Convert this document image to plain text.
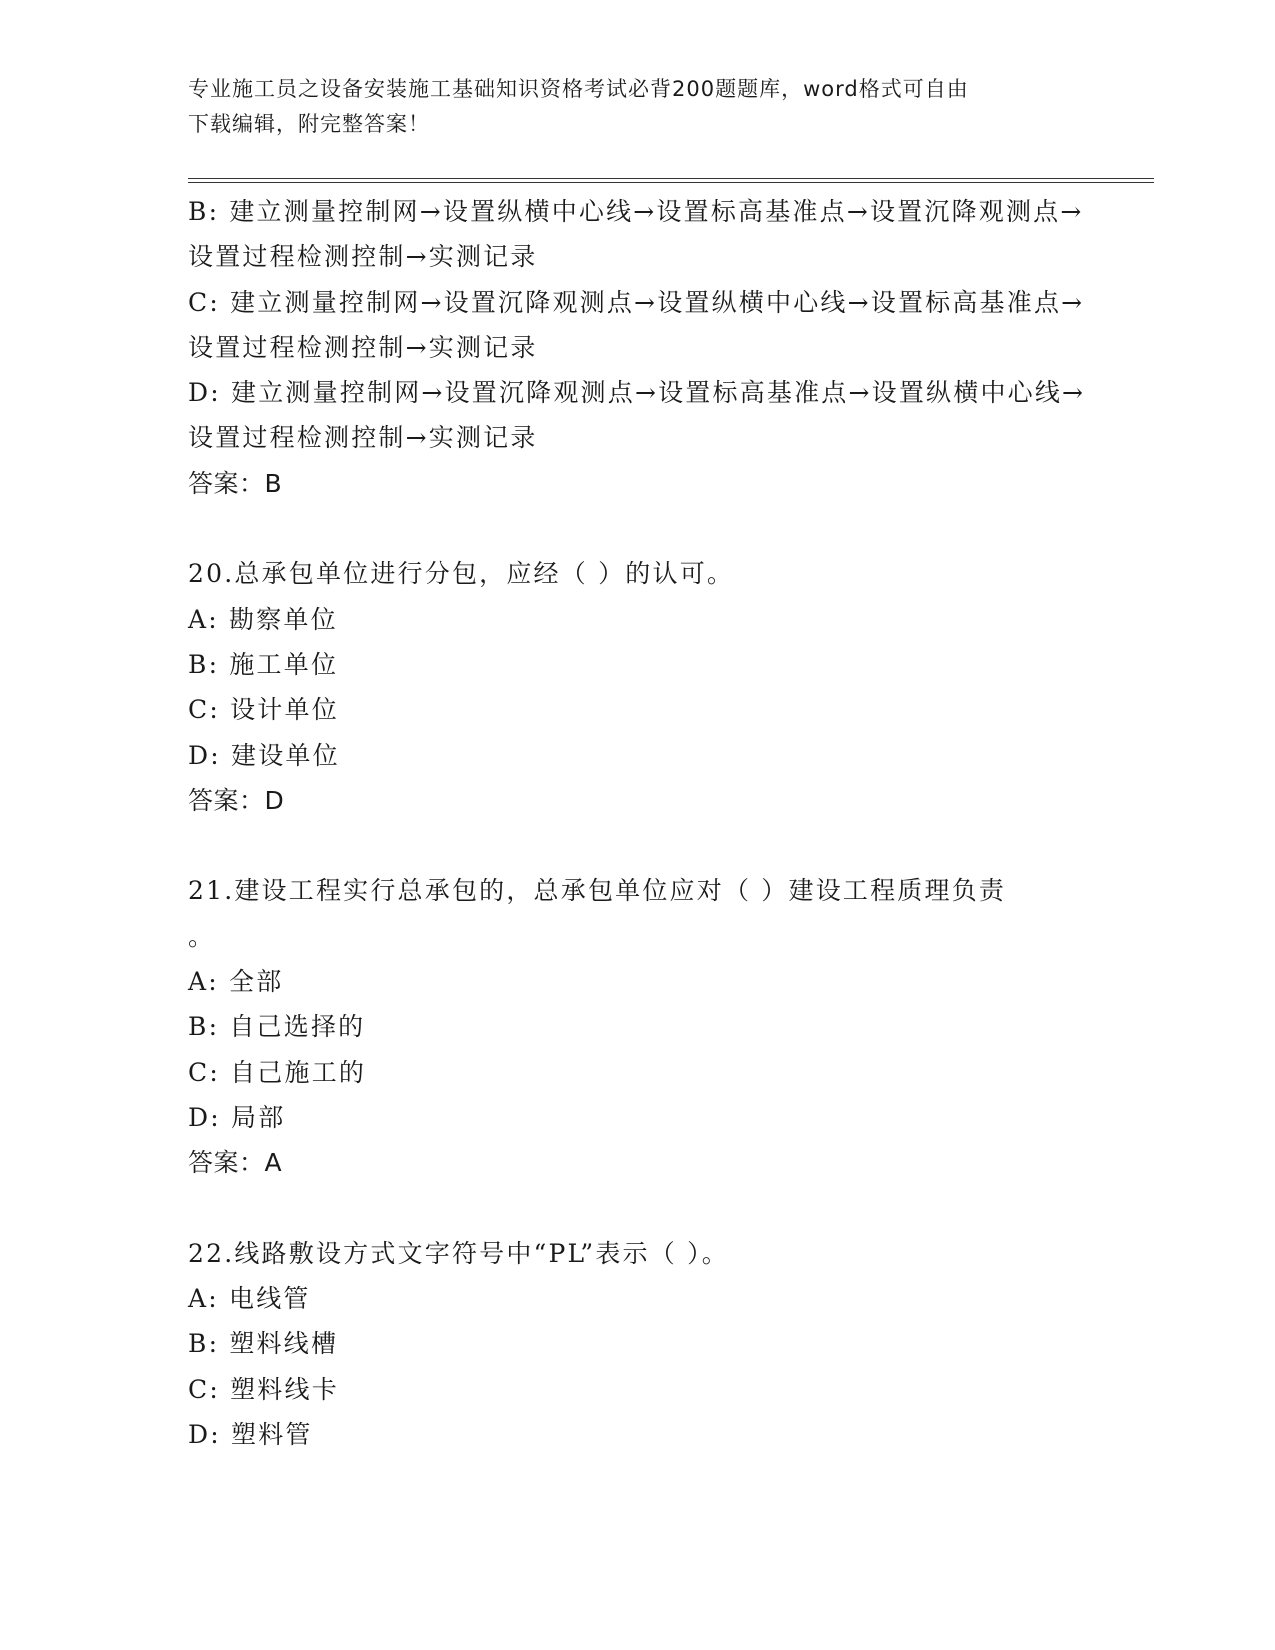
专业施工员之设备安装施工基础知识资格考试必背200题题库，word格式可自由
下载编辑，附完整答案！

B: 建立测量控制网→设置纵横中心线→设置标高基准点→设置沉降观测点→设置过程检测控制→实测记录

C: 建立测量控制网→设置沉降观测点→设置纵横中心线→设置标高基准点→设置过程检测控制→实测记录

D: 建立测量控制网→设置沉降观测点→设置标高基准点→设置纵横中心线→设置过程检测控制→实测记录

答案：B

20.总承包单位进行分包，应经（ ）的认可。

A: 勘察单位

B: 施工单位

C: 设计单位

D: 建设单位

答案：D

21.建设工程实行总承包的，总承包单位应对（ ）建设工程质理负责

。

A: 全部

B: 自己选择的

C: 自己施工的

D: 局部

答案：A

22.线路敷设方式文字符号中“PL”表示（ ）。

A: 电线管

B: 塑料线槽

C: 塑料线卡

D: 塑料管
